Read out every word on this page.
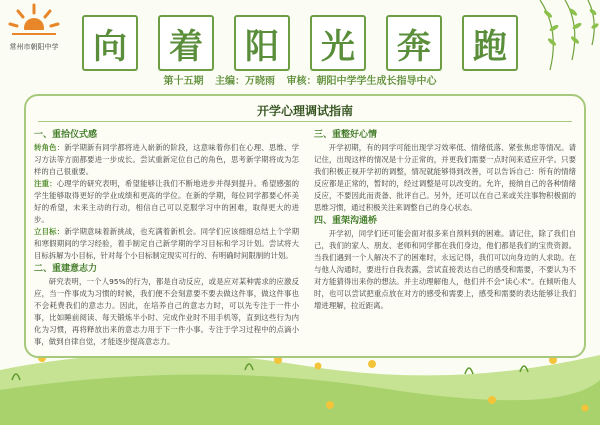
常州市朝阳中学	向	着	阳	光	奔	跑
第十五期 主编：万晓雨 审核：朝阳中学学生成长指导中心
开学心理调试指南

一、重拾仪式感

转角色：新学期新有同学都将进入崭新的阶段，这意味着你们在心理、思维、学习方法等方面都要进一步成长。尝试重新定位自己的角色，思考新学期将成为怎样的自己很重要。

注重：心理学的研究表明，希望能够让我们不断地进步并得到提升。希望感强的学生能够取得更好的学业成绩和更高的学位。在新的学期，每位同学都要心怀美好的希望，未来主动的行动，相信自己可以克服学习中的困难，取得更大的进步。

立目标：新学期意味着新挑战，也充满着新机会。同学们应该细细总结上个学期和寒假期间的学习经验，着手制定自己新学期的学习目标和学习计划。尝试将大目标拆解为小目标，针对每个小目标制定现实可行的、有明确时间限制的计划。

二、重建意志力

研究表明，一个人95%的行为，都是自动反应，或是应对某种需求的应激反应，当一件事成为习惯的时候，我们便不会刻意要不要去做这件事，做这件事也不会耗费我们的意志力。因此，在培养自己的意志力时，可以先专注于一件小事，比如睡前阅读、每天锻炼半小时、完成作业时不用手机等，直到这些行为内化为习惯，再将释放出来的意志力用于下一件小事。专注于学习过程中的点滴小事，做到自律自觉，才能逐步提高意志力。

三、重整好心情

开学初期，有的同学可能出现学习效率低、情绪低落、紧张焦虑等情况。请记住，出现这样的情况是十分正常的，并更我们需要一点时间来适应开学。只要我们积极正视开学初的调整，情况就能够得到改善，可以告诉自己：所有的情绪反应都是正常的，暂时的，经过调整是可以改变的。允许，接纳自己的各种情绪反应，不要因此而责备、批评自己。另外，还可以在自己来或关注事物积极面的思维习惯，通过积极关注来调整自己的身心状态。

四、重架沟通桥

开学初，同学们还可能会面对很多来自预料到的困难。请记住，除了我们自己，我们的家人、朋友、老师和同学都在我们身边，他们都是我们的宝贵资源。当我们遇到一个人解决不了的困难时，永远记得，我们可以向身边的人求助。在与他人沟通时，要进行自我表露，尝试直接表达自己的感受和需要，不要认为不对方能猜得出来你的想法。并主动理解他人，他们并不会“读心术”。在倾听他人时，也可以尝试把重点放在对方的感受和需要上，感受和需要的表达能够让我们增进理解，拉近距离。
